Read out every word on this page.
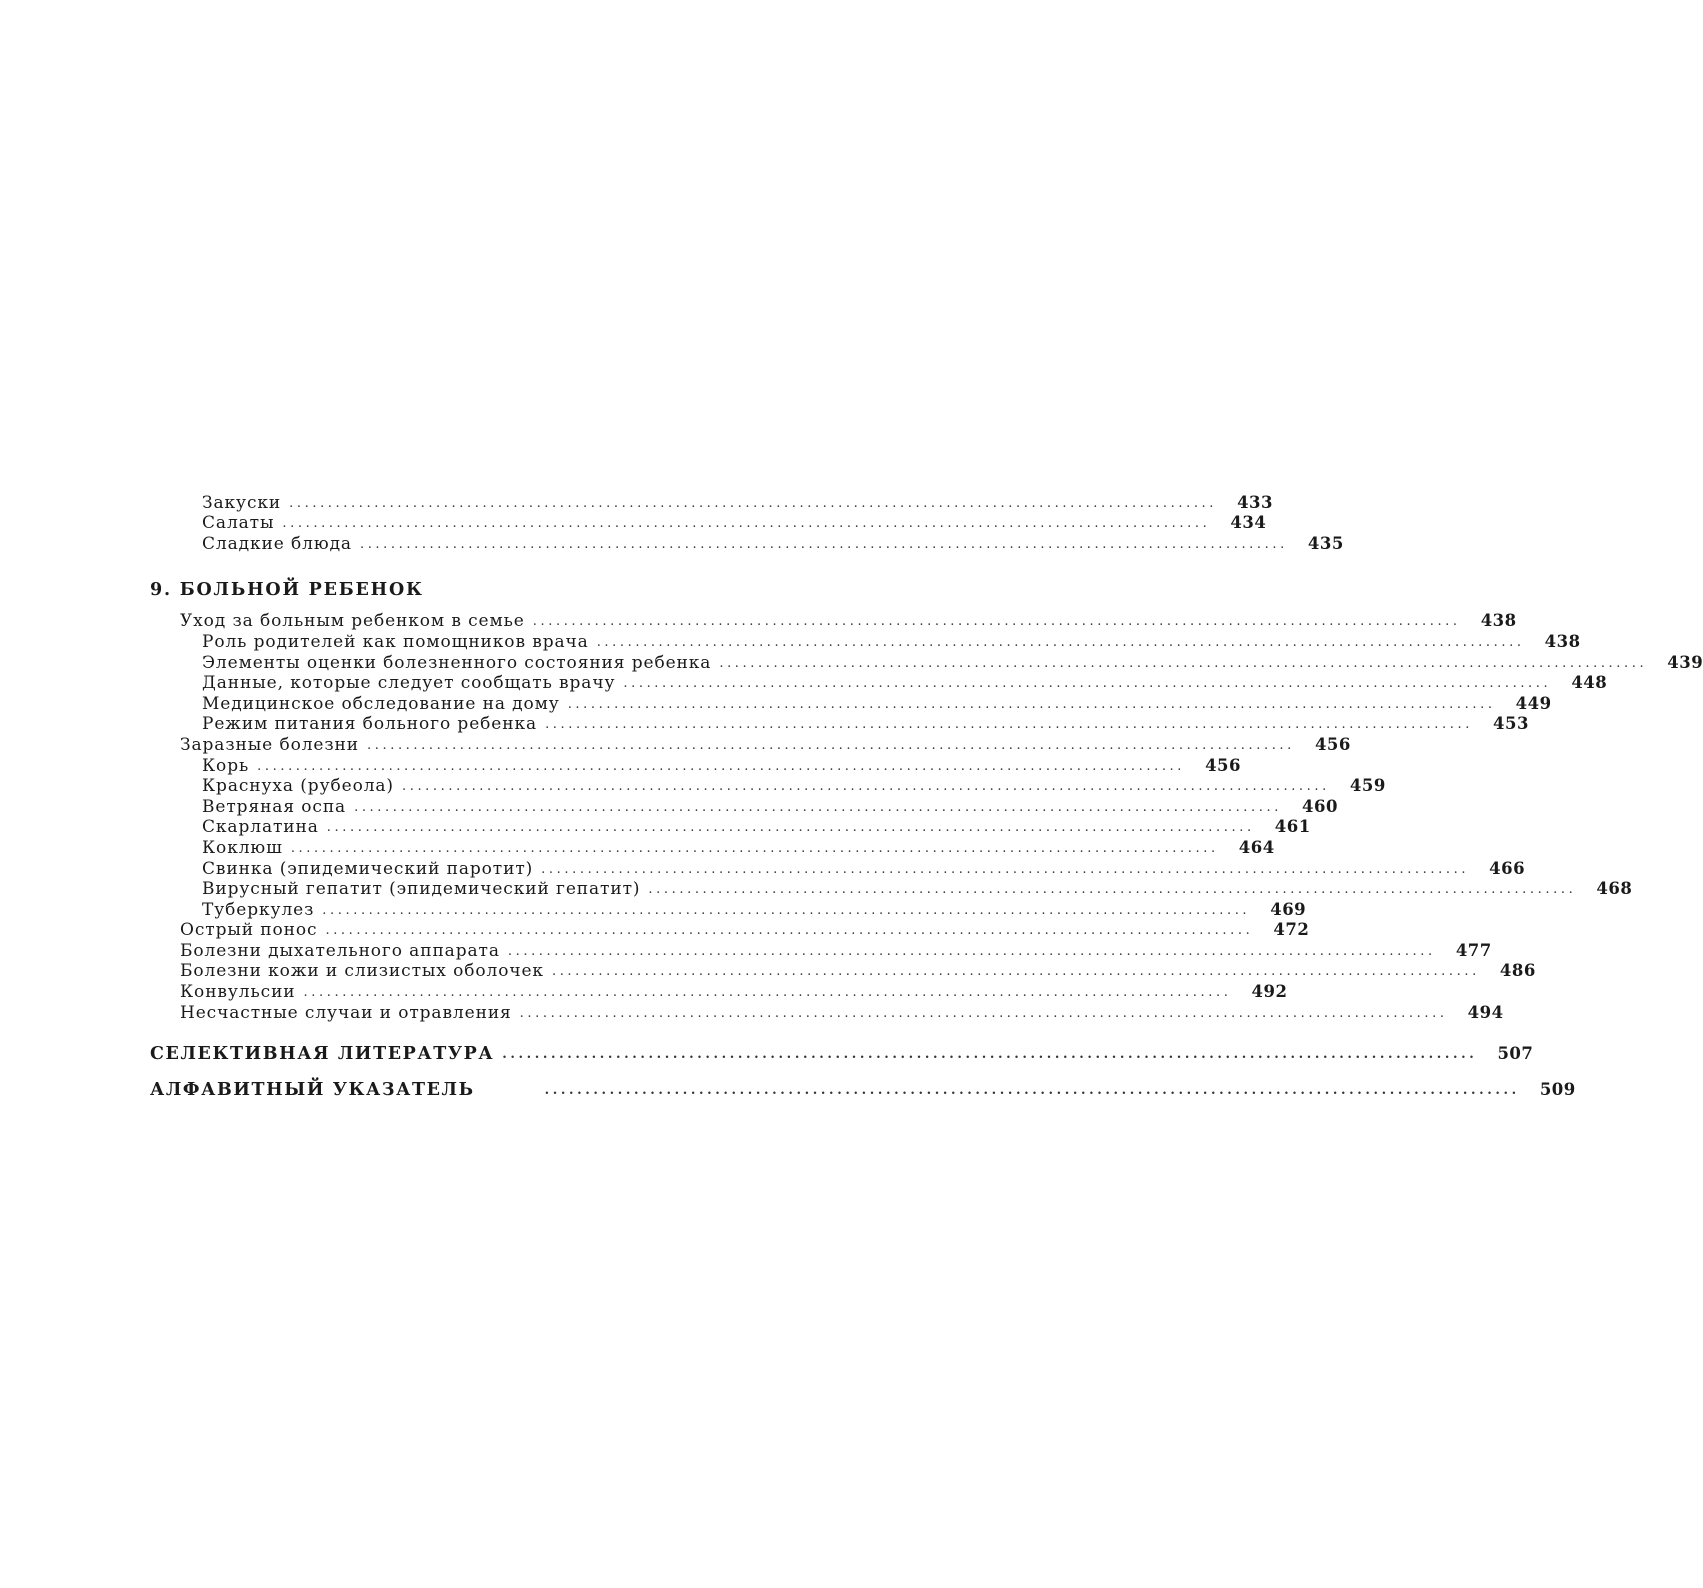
Закуски ........................................................................................................................	433
Салаты ........................................................................................................................	434
Сладкие блюда ........................................................................................................................	435
9. БОЛЬНОЙ РЕБЕНОК
Уход за больным ребенком в семье ........................................................................................................................	438
Роль родителей как помощников врача ........................................................................................................................	438
Элементы оценки болезненного состояния ребенка ........................................................................................................................	439
Данные, которые следует сообщать врачу ........................................................................................................................	448
Медицинское обследование на дому ........................................................................................................................	449
Режим питания больного ребенка ........................................................................................................................	453
Заразные болезни ........................................................................................................................	456
Корь ........................................................................................................................	456
Краснуха (рубеола) ........................................................................................................................	459
Ветряная оспа ........................................................................................................................	460
Скарлатина ........................................................................................................................	461
Коклюш ........................................................................................................................	464
Свинка (эпидемический паротит) ........................................................................................................................	466
Вирусный гепатит (эпидемический гепатит) ........................................................................................................................	468
Туберкулез ........................................................................................................................	469
Острый понос ........................................................................................................................	472
Болезни дыхательного аппарата ........................................................................................................................	477
Болезни кожи и слизистых оболочек ........................................................................................................................	486
Конвульсии ........................................................................................................................	492
Несчастные случаи и отравления ........................................................................................................................	494
СЕЛЕКТИВНАЯ ЛИТЕРАТУРА ........................................................................................................................	507
АЛФАВИТНЫЙ УКАЗАТЕЛЬ	........................................................................................................................	509
